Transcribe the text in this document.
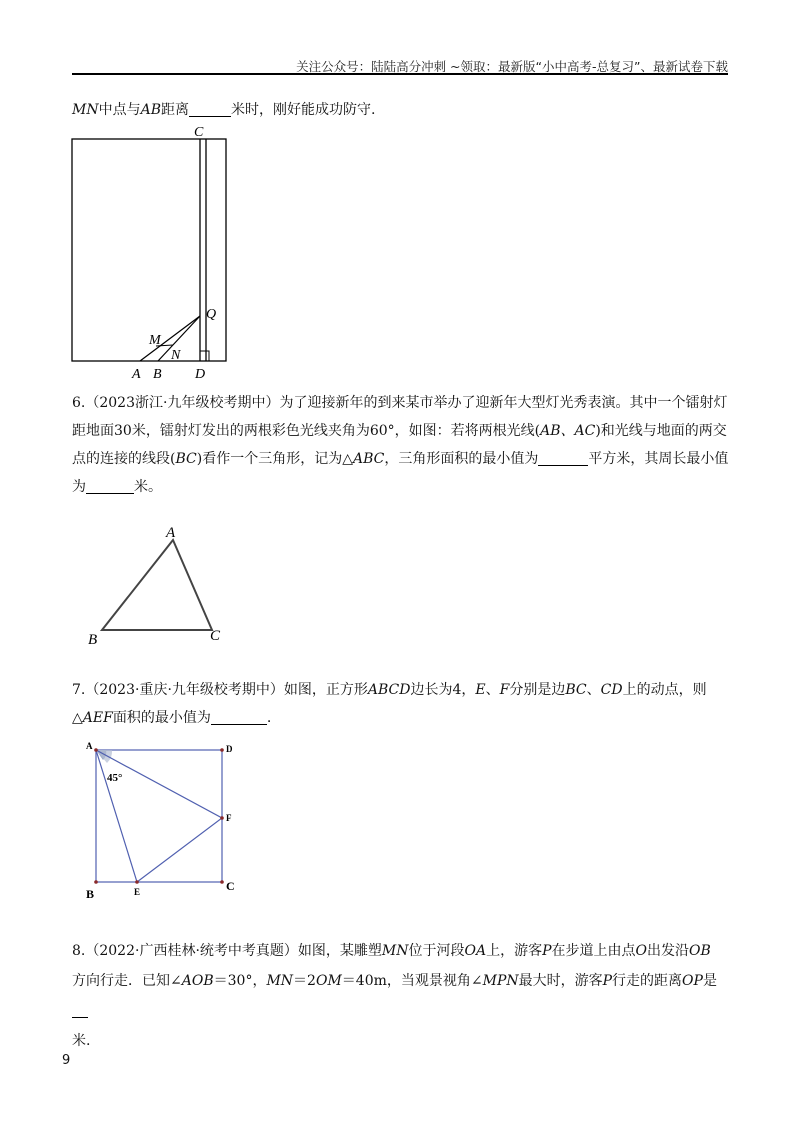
关注公众号：陆陆高分冲刺 ~领取：最新版“小中高考-总复习”、最新试卷下载
MN中点与AB距离	米时，刚好能成功防守.
C
Q
M
N
A B D
6.（2023浙江·九年级校考期中）为了迎接新年的到来某市举办了迎新年大型灯光秀表演。其中一个镭射灯
距地面30米，镭射灯发出的两根彩色光线夹角为60°，如图：若将两根光线(AB、AC)和光线与地面的两交
点的连接的线段(BC)看作一个三角形，记为△ABC，三角形面积的最小值为	平方米，其周长最小值
为	米。
A
B	C
7.（2023·重庆·九年级校考期中）如图，正方形ABCD边长为4，E、F分别是边BC、CD上的动点，则
△AEF面积的最小值为	.
A	D
B	E	C
F
45°
8.（2022·广西桂林·统考中考真题）如图，某雕塑MN位于河段OA上，游客P在步道上由点O出发沿OB
方向行走．已知∠AOB＝30°，MN＝2OM＝40m，当观景视角∠MPN最大时，游客P行走的距离OP是
米.
9
